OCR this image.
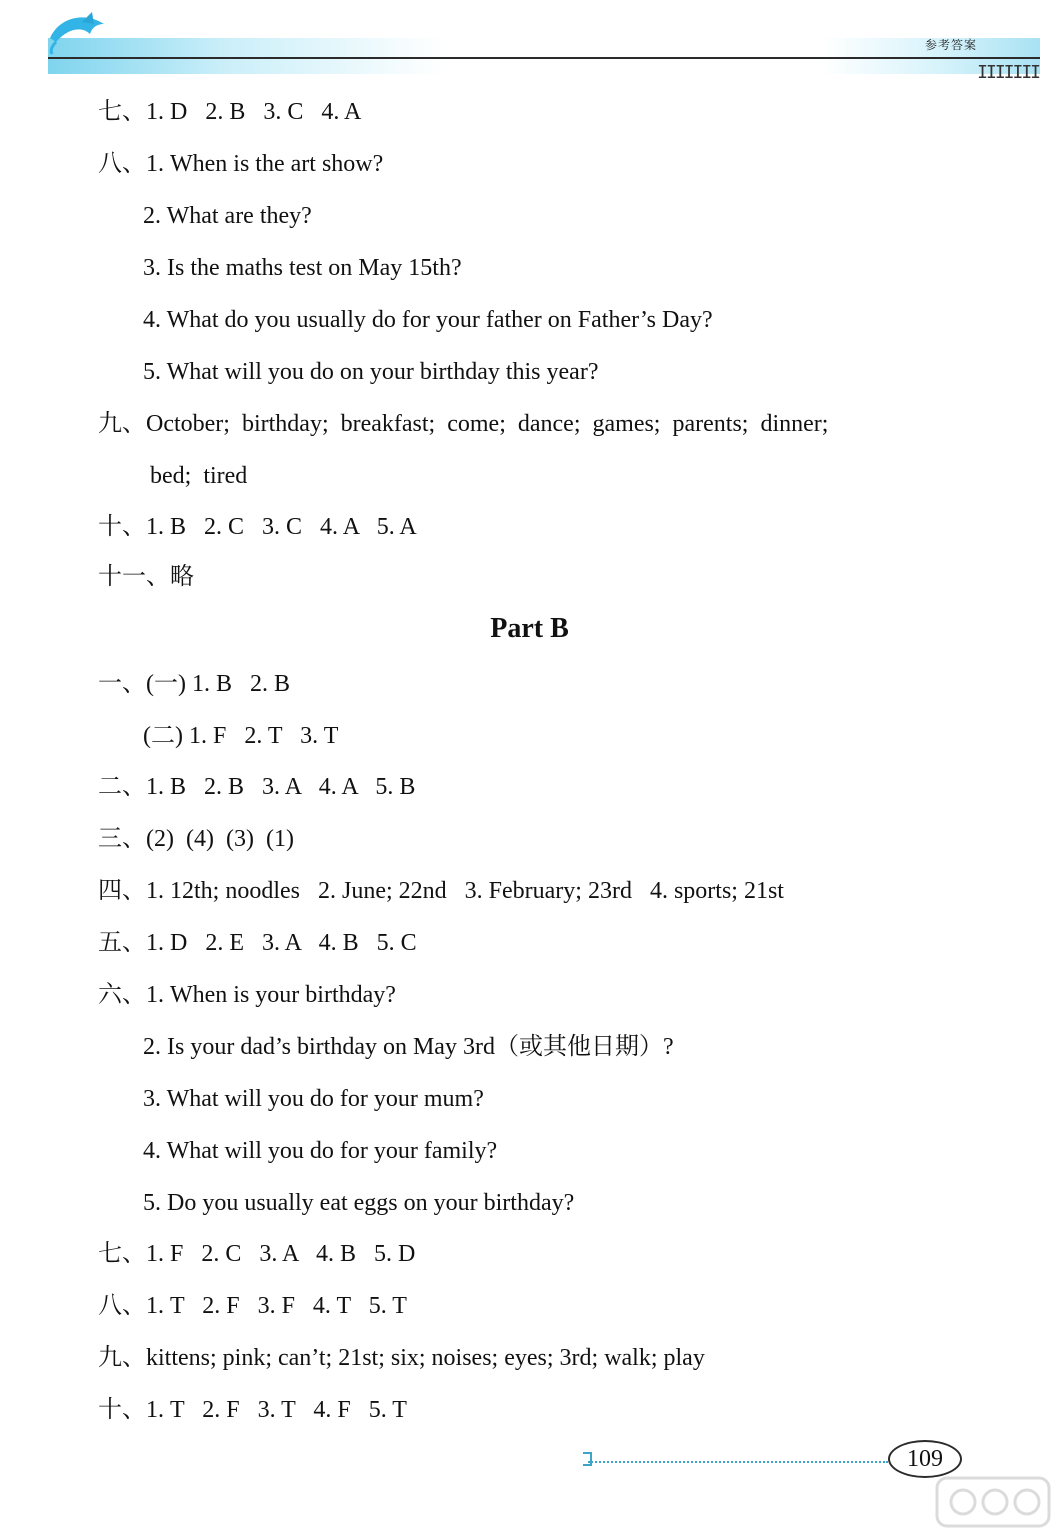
参考答案
IIIIIII
七、1. D   2. B   3. C   4. A
八、1. When is the art show?
2. What are they?
3. Is the maths test on May 15th?
4. What do you usually do for your father on Father’s Day?
5. What will you do on your birthday this year?
九、October;  birthday;  breakfast;  come;  dance;  games;  parents;  dinner;
bed;  tired
十、1. B   2. C   3. C   4. A   5. A
十一、略
Part B
一、(一) 1. B   2. B
(二) 1. F   2. T   3. T
二、1. B   2. B   3. A   4. A   5. B
三、(2)  (4)  (3)  (1)
四、1. 12th; noodles   2. June; 22nd   3. February; 23rd   4. sports; 21st
五、1. D   2. E   3. A   4. B   5. C
六、1. When is your birthday?
2. Is your dad’s birthday on May 3rd（或其他日期）?
3. What will you do for your mum?
4. What will you do for your family?
5. Do you usually eat eggs on your birthday?
七、1. F   2. C   3. A   4. B   5. D
八、1. T   2. F   3. F   4. T   5. T
九、kittens; pink; can’t; 21st; six; noises; eyes; 3rd; walk; play
十、1. T   2. F   3. T   4. F   5. T
109
